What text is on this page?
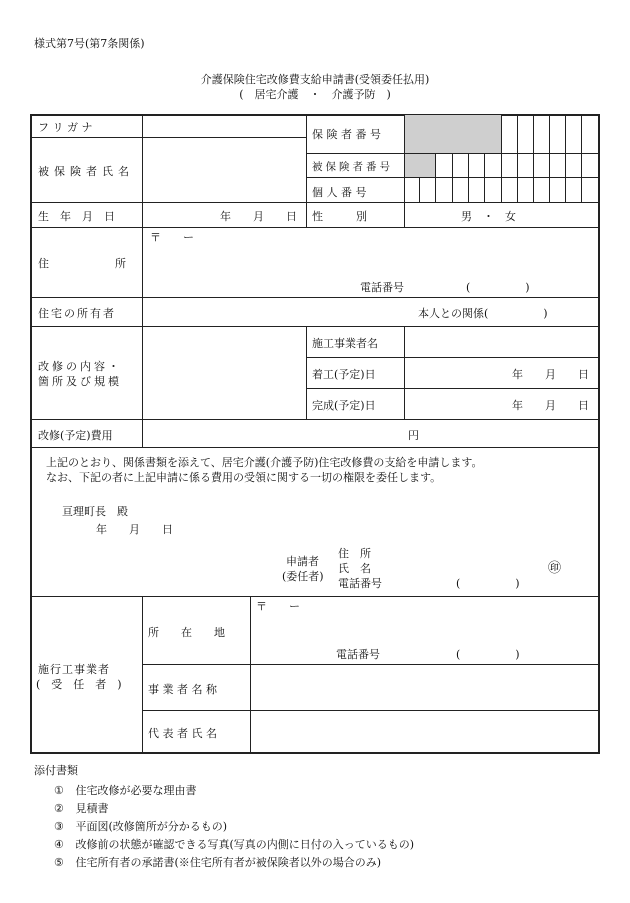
様式第7号(第7条関係)
介護保険住宅改修費支給申請書(受領委任払用)
(　居宅介護　・　介護予防　)
フ リ ガ ナ
被保険者氏名
保 険 者 番 号
被保険者番号
個 人 番 号
生　年　月　日	年　　月　　日 性　　　別	男　・　女
住　　　　　　所
〒　　ー
電話番号	(　　　　　)
住宅の所有者	本人との関係(　　　　　)
改修の内容・
箇所及び規模
施工事業者名
着工(予定)日	年　　月　　日
完成(予定)日	年　　月　　日
改修(予定)費用	円
上記のとおり、関係書類を添えて、居宅介護(介護予防)住宅改修費の支給を申請します。
なお、下記の者に上記申請に係る費用の受領に関する一切の権限を委任します。
亘理町長　殿
年　　月　　日
申請者
(委任者)
住　所
氏　名
電話番号	(　　　　　)
㊞
施行工事業者
(　受　任　者　)
所　　在　　地
〒　　ー
電話番号	(　　　　　)
事 業 者 名 称
代 表 者 氏 名
添付書類
① 住宅改修が必要な理由書
② 見積書
③ 平面図(改修箇所が分かるもの)
④ 改修前の状態が確認できる写真(写真の内側に日付の入っているもの)
⑤ 住宅所有者の承諾書(※住宅所有者が被保険者以外の場合のみ)
